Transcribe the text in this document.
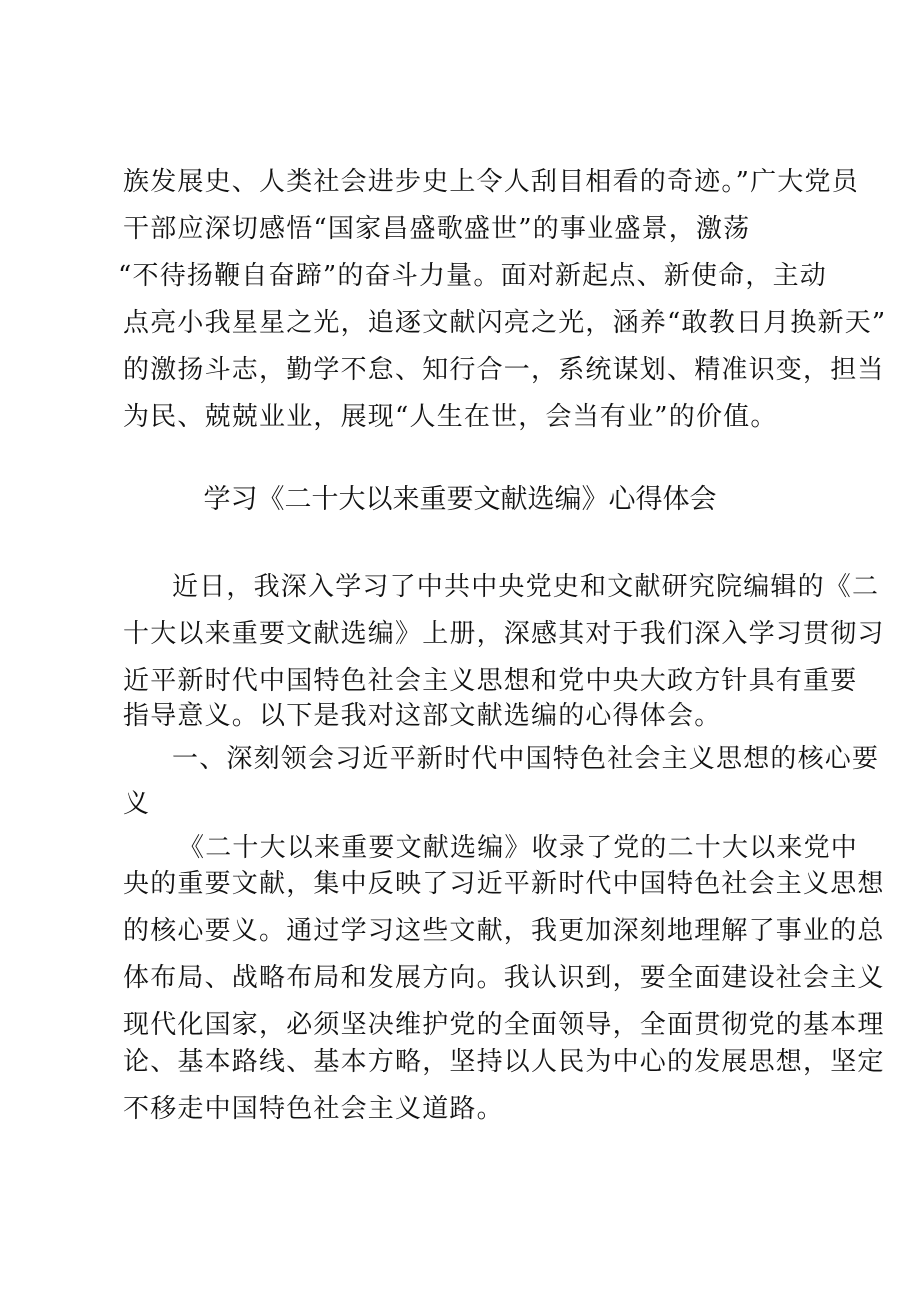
族发展史、人类社会进步史上令人刮目相看的奇迹。”广大党员
干部应深切感悟“国家昌盛歌盛世”的事业盛景，激荡
“不待扬鞭自奋蹄”的奋斗力量。面对新起点、新使命，主动
点亮小我星星之光，追逐文献闪亮之光，涵养“敢教日月换新天”
的激扬斗志，勤学不怠、知行合一，系统谋划、精准识变，担当
为民、兢兢业业，展现“人生在世，会当有业”的价值。
学习《二十大以来重要文献选编》心得体会
近日，我深入学习了中共中央党史和文献研究院编辑的《二
十大以来重要文献选编》上册，深感其对于我们深入学习贯彻习
近平新时代中国特色社会主义思想和党中央大政方针具有重要
指导意义。以下是我对这部文献选编的心得体会。
一、深刻领会习近平新时代中国特色社会主义思想的核心要
义
《二十大以来重要文献选编》收录了党的二十大以来党中
央的重要文献，集中反映了习近平新时代中国特色社会主义思想
的核心要义。通过学习这些文献，我更加深刻地理解了事业的总
体布局、战略布局和发展方向。我认识到，要全面建设社会主义
现代化国家，必须坚决维护党的全面领导，全面贯彻党的基本理
论、基本路线、基本方略，坚持以人民为中心的发展思想，坚定
不移走中国特色社会主义道路。
